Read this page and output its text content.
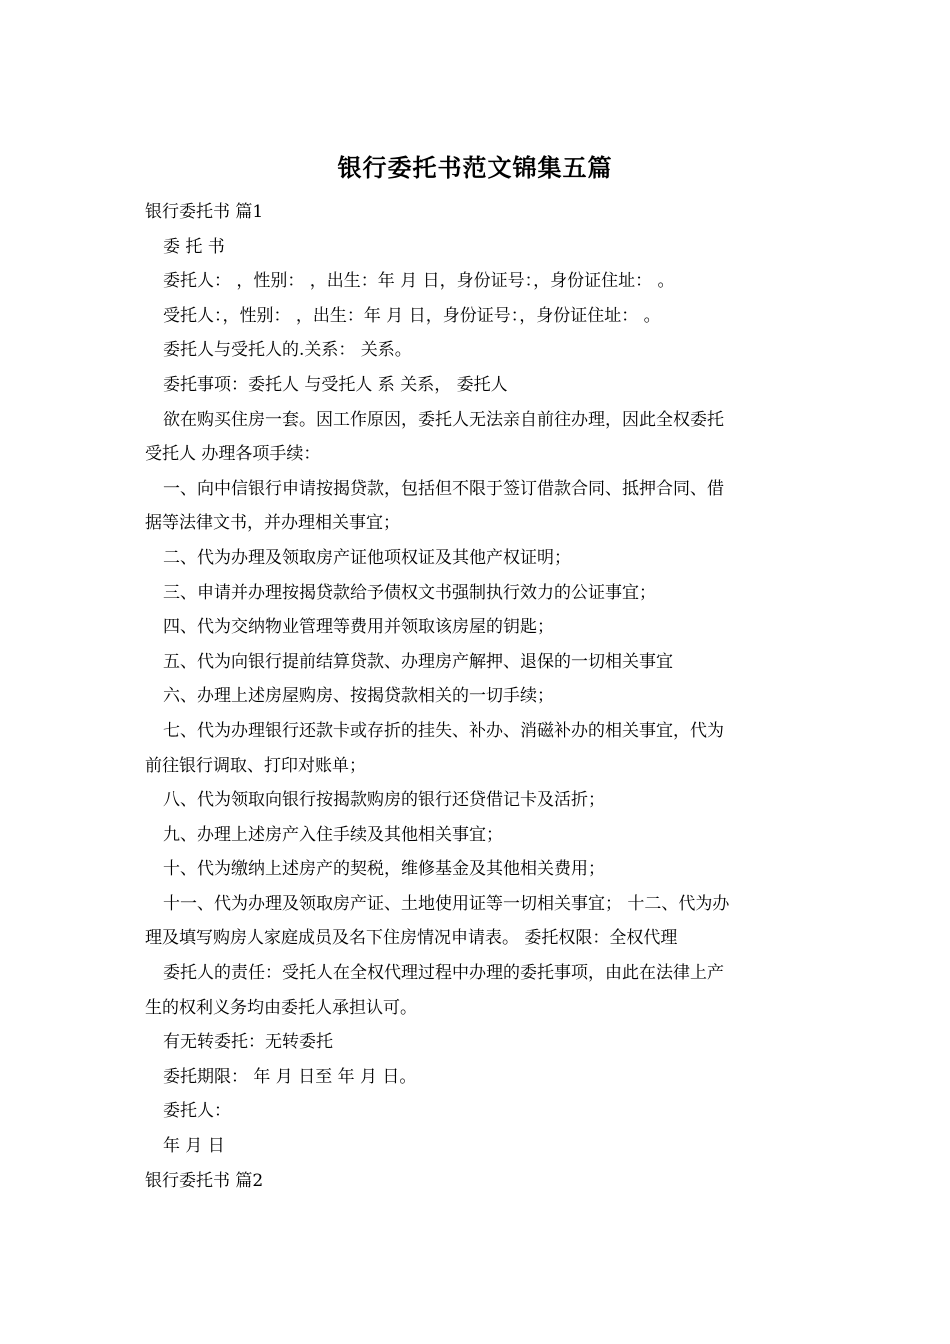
银行委托书范文锦集五篇
银行委托书 篇1
委 托 书
委托人： ，性别： ，出生：年 月 日，身份证号：，身份证住址： 。
受托人：，性别： ，出生：年 月 日，身份证号：，身份证住址： 。
委托人与受托人的.关系： 关系。
委托事项：委托人 与受托人 系 关系， 委托人
欲在购买住房一套。因工作原因，委托人无法亲自前往办理，因此全权委托
受托人 办理各项手续：
一、向中信银行申请按揭贷款，包括但不限于签订借款合同、抵押合同、借
据等法律文书，并办理相关事宜；
二、代为办理及领取房产证他项权证及其他产权证明；
三、申请并办理按揭贷款给予债权文书强制执行效力的公证事宜；
四、代为交纳物业管理等费用并领取该房屋的钥匙；
五、代为向银行提前结算贷款、办理房产解押、退保的一切相关事宜
六、办理上述房屋购房、按揭贷款相关的一切手续；
七、代为办理银行还款卡或存折的挂失、补办、消磁补办的相关事宜，代为
前往银行调取、打印对账单；
八、代为领取向银行按揭款购房的银行还贷借记卡及活折；
九、办理上述房产入住手续及其他相关事宜；
十、代为缴纳上述房产的契税，维修基金及其他相关费用；
十一、代为办理及领取房产证、土地使用证等一切相关事宜； 十二、代为办
理及填写购房人家庭成员及名下住房情况申请表。 委托权限：全权代理
委托人的责任：受托人在全权代理过程中办理的委托事项，由此在法律上产
生的权利义务均由委托人承担认可。
有无转委托：无转委托
委托期限： 年 月 日至 年 月 日。
委托人：
年 月 日
银行委托书 篇2
